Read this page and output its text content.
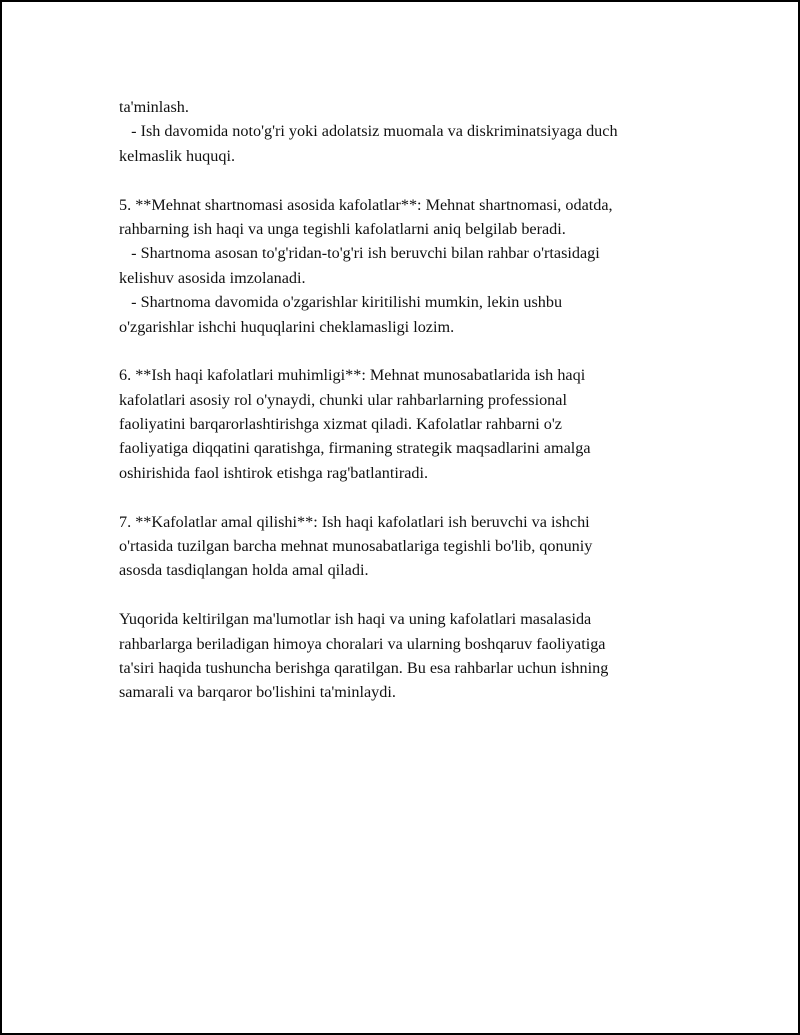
ta'minlash.
- Ish davomida noto'g'ri yoki adolatsiz muomala va diskriminatsiyaga duch
kelmaslik huquqi.
5. **Mehnat shartnomasi asosida kafolatlar**: Mehnat shartnomasi, odatda,
rahbarning ish haqi va unga tegishli kafolatlarni aniq belgilab beradi.
- Shartnoma asosan to'g'ridan-to'g'ri ish beruvchi bilan rahbar o'rtasidagi
kelishuv asosida imzolanadi.
- Shartnoma davomida o'zgarishlar kiritilishi mumkin, lekin ushbu
o'zgarishlar ishchi huquqlarini cheklamasligi lozim.
6. **Ish haqi kafolatlari muhimligi**: Mehnat munosabatlarida ish haqi
kafolatlari asosiy rol o'ynaydi, chunki ular rahbarlarning professional
faoliyatini barqarorlashtirishga xizmat qiladi. Kafolatlar rahbarni o'z
faoliyatiga diqqatini qaratishga, firmaning strategik maqsadlarini amalga
oshirishida faol ishtirok etishga rag'batlantiradi.
7. **Kafolatlar amal qilishi**: Ish haqi kafolatlari ish beruvchi va ishchi
o'rtasida tuzilgan barcha mehnat munosabatlariga tegishli bo'lib, qonuniy
asosda tasdiqlangan holda amal qiladi.
Yuqorida keltirilgan ma'lumotlar ish haqi va uning kafolatlari masalasida
rahbarlarga beriladigan himoya choralari va ularning boshqaruv faoliyatiga
ta'siri haqida tushuncha berishga qaratilgan. Bu esa rahbarlar uchun ishning
samarali va barqaror bo'lishini ta'minlaydi.
